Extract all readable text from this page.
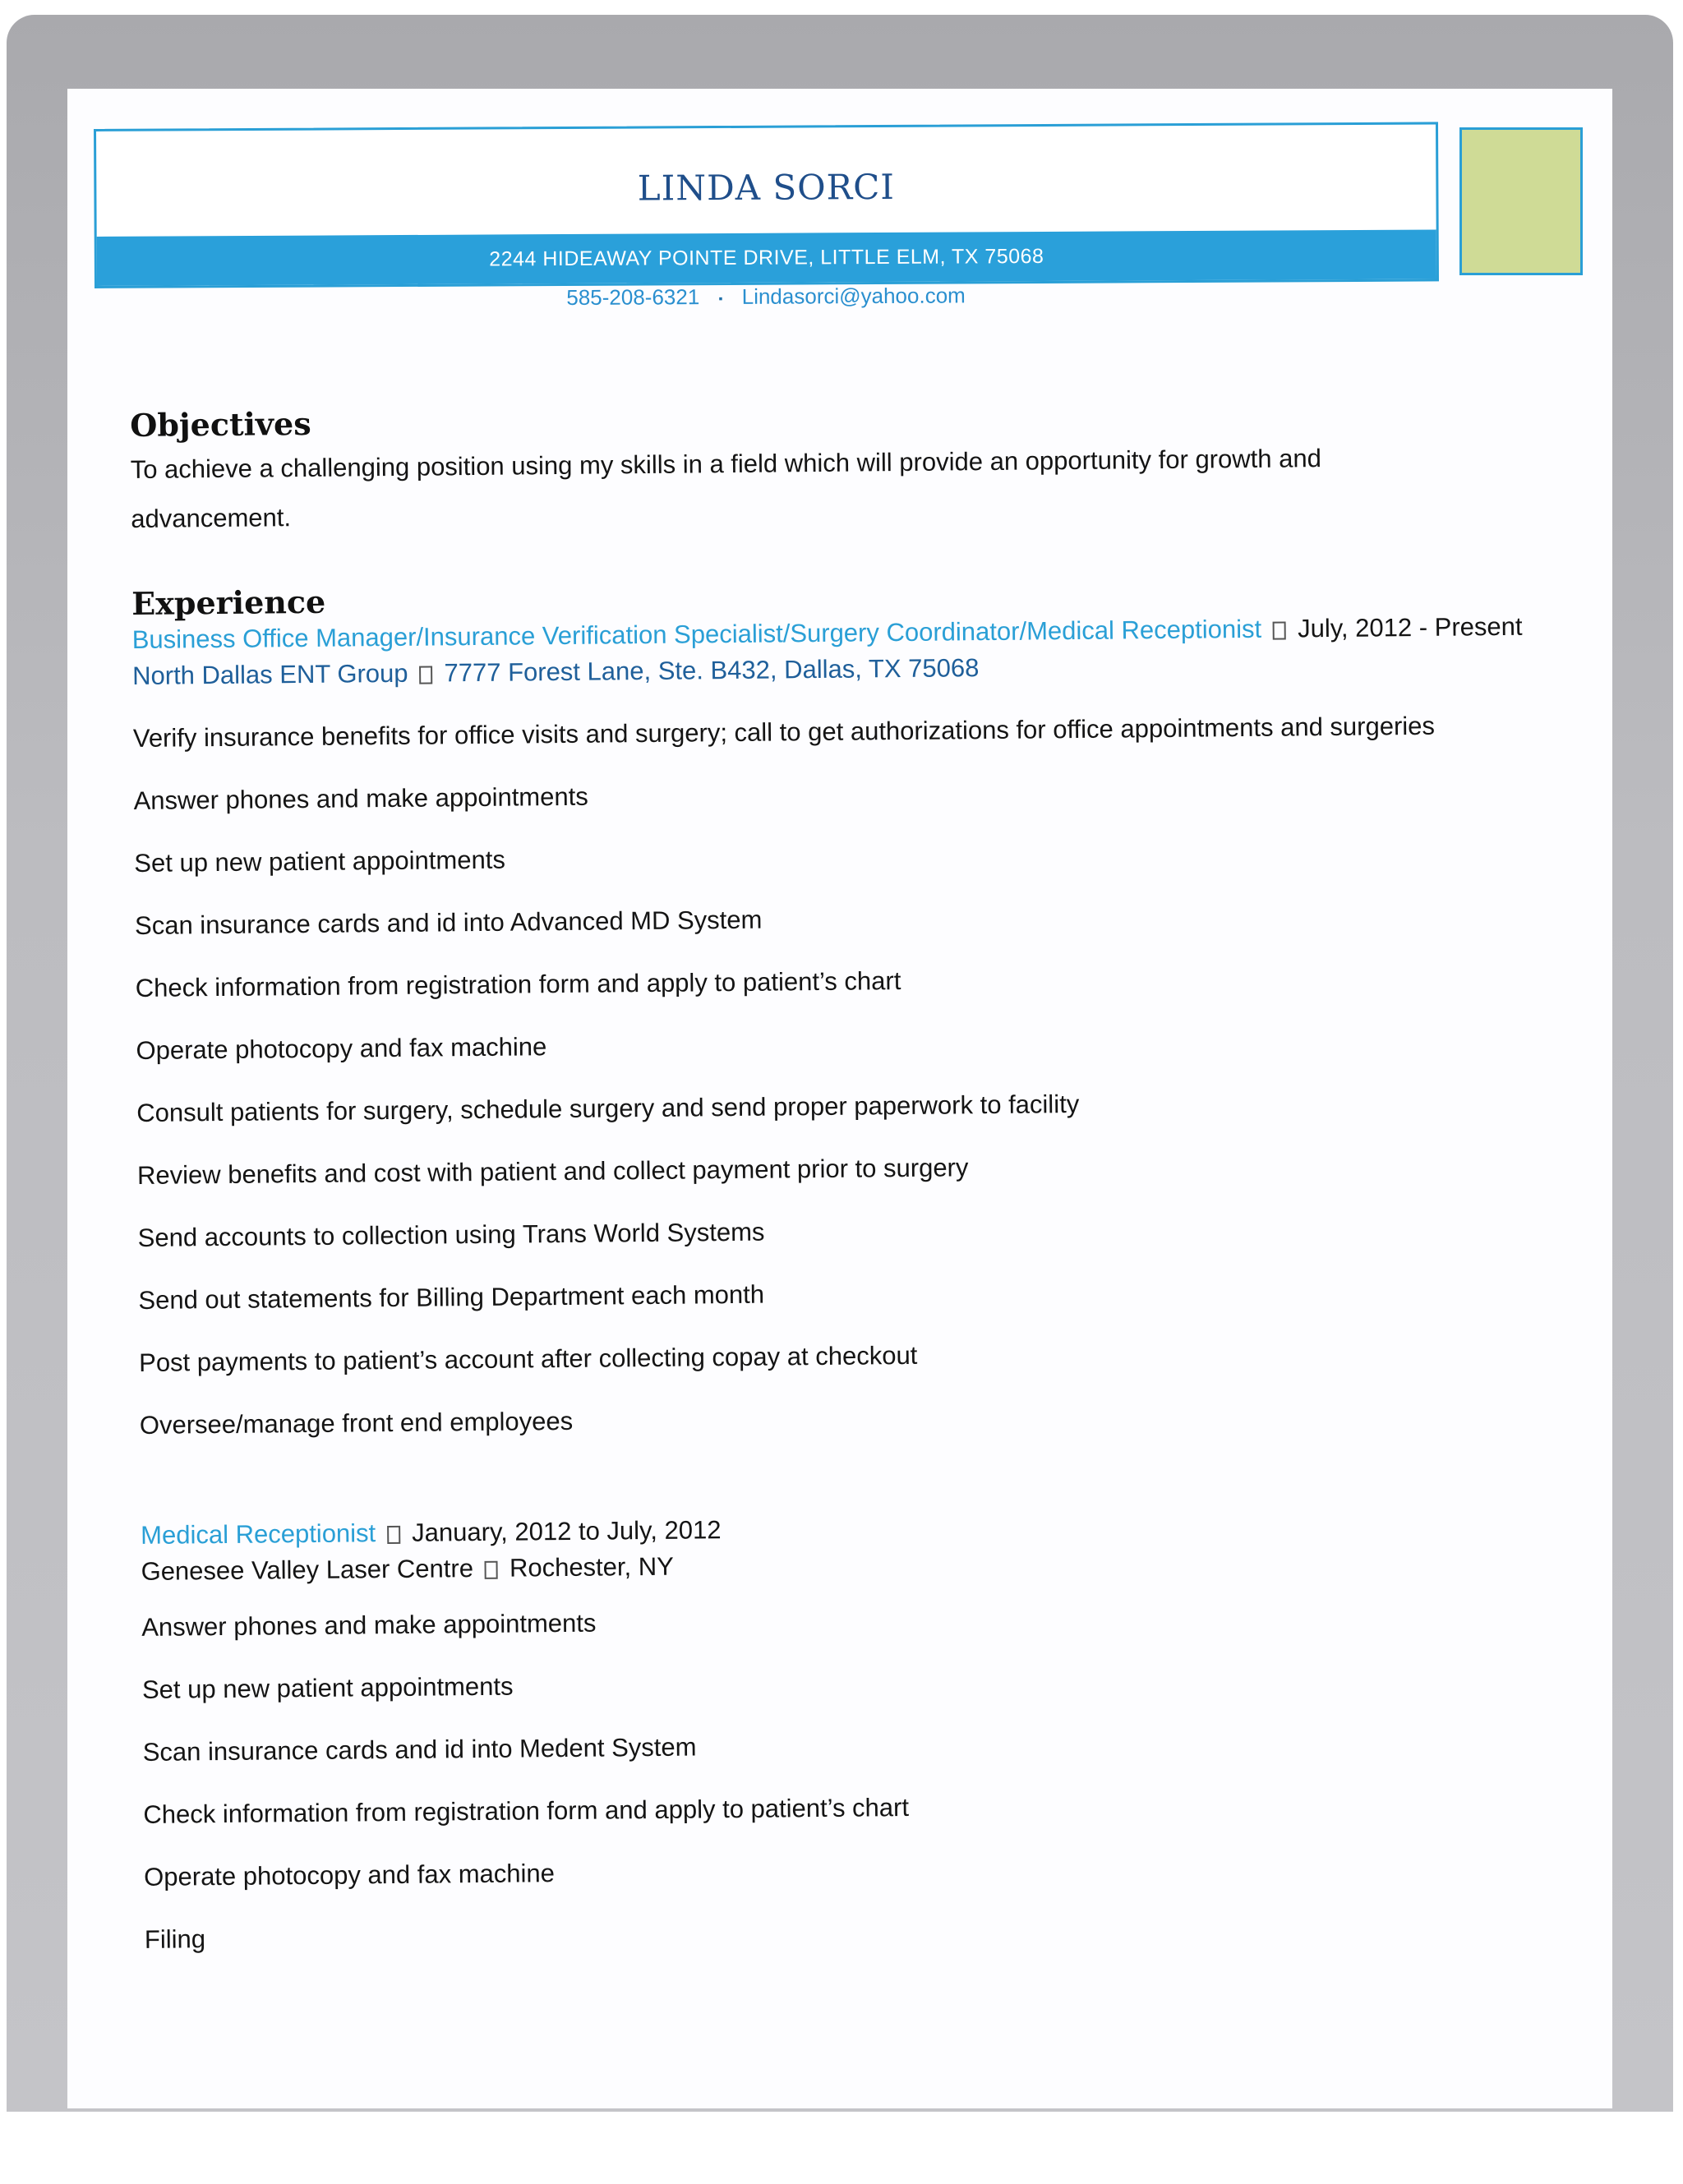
LINDA SORCI
2244 HIDEAWAY POINTE DRIVE, LITTLE ELM, TX 75068
585-208-6321 ▪ Lindasorci@yahoo.com
Objectives
To achieve a challenging position using my skills in a field which will provide an opportunity for growth and advancement.
Experience
Business Office Manager/Insurance Verification Specialist/Surgery Coordinator/Medical Receptionist July, 2012 - Present
North Dallas ENT Group 7777 Forest Lane, Ste. B432, Dallas, TX 75068
Verify insurance benefits for office visits and surgery; call to get authorizations for office appointments and surgeries
Answer phones and make appointments
Set up new patient appointments
Scan insurance cards and id into Advanced MD System
Check information from registration form and apply to patient’s chart
Operate photocopy and fax machine
Consult patients for surgery, schedule surgery and send proper paperwork to facility
Review benefits and cost with patient and collect payment prior to surgery
Send accounts to collection using Trans World Systems
Send out statements for Billing Department each month
Post payments to patient’s account after collecting copay at checkout
Oversee/manage front end employees
Medical Receptionist January, 2012 to July, 2012
Genesee Valley Laser Centre Rochester, NY
Answer phones and make appointments
Set up new patient appointments
Scan insurance cards and id into Medent System
Check information from registration form and apply to patient’s chart
Operate photocopy and fax machine
Filing
